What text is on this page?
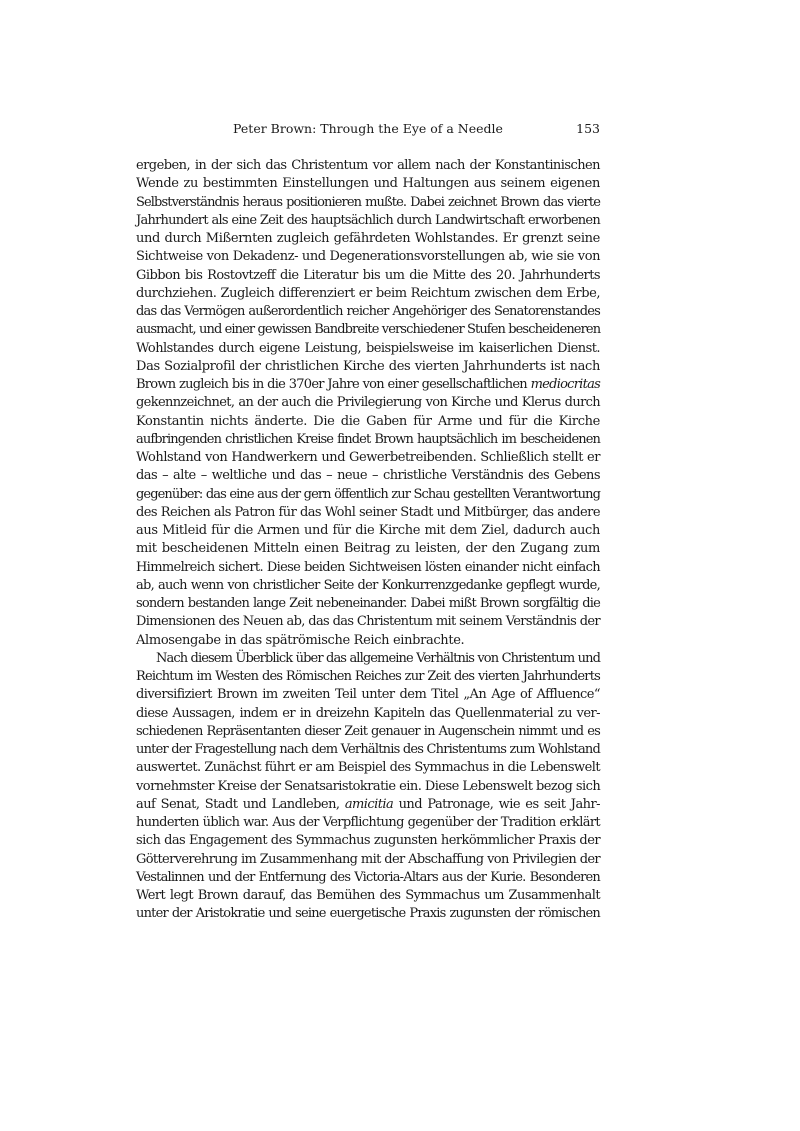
Peter Brown: Through the Eye of a Needle	153
ergeben, in der sich das Christentum vor allem nach der Konstantinischen
Wende zu bestimmten Einstellungen und Haltungen aus seinem eigenen
Selbstverständnis heraus positionieren mußte. Dabei zeichnet Brown das vierte
Jahrhundert als eine Zeit des hauptsächlich durch Landwirtschaft erworbenen
und durch Mißernten zugleich gefährdeten Wohlstandes. Er grenzt seine
Sichtweise von Dekadenz- und Degenerationsvorstellungen ab, wie sie von
Gibbon bis Rostovtzeff die Literatur bis um die Mitte des 20. Jahrhunderts
durchziehen. Zugleich differenziert er beim Reichtum zwischen dem Erbe,
das das Vermögen außerordentlich reicher Angehöriger des Senatorenstandes
ausmacht, und einer gewissen Bandbreite verschiedener Stufen bescheideneren
Wohlstandes durch eigene Leistung, beispielsweise im kaiserlichen Dienst.
Das Sozialprofil der christlichen Kirche des vierten Jahrhunderts ist nach
Brown zugleich bis in die 370er Jahre von einer gesellschaftlichen mediocritas
gekennzeichnet, an der auch die Privilegierung von Kirche und Klerus durch
Konstantin nichts änderte. Die die Gaben für Arme und für die Kirche
aufbringenden christlichen Kreise findet Brown hauptsächlich im bescheidenen
Wohlstand von Handwerkern und Gewerbetreibenden. Schließlich stellt er
das – alte – weltliche und das – neue – christliche Verständnis des Gebens
gegenüber: das eine aus der gern öffentlich zur Schau gestellten Verantwortung
des Reichen als Patron für das Wohl seiner Stadt und Mitbürger, das andere
aus Mitleid für die Armen und für die Kirche mit dem Ziel, dadurch auch
mit bescheidenen Mitteln einen Beitrag zu leisten, der den Zugang zum
Himmelreich sichert. Diese beiden Sichtweisen lösten einander nicht einfach
ab, auch wenn von christlicher Seite der Konkurrenzgedanke gepflegt wurde,
sondern bestanden lange Zeit nebeneinander. Dabei mißt Brown sorgfältig die
Dimensionen des Neuen ab, das das Christentum mit seinem Verständnis der
Almosengabe in das spätrömische Reich einbrachte.
Nach diesem Überblick über das allgemeine Verhältnis von Christentum und
Reichtum im Westen des Römischen Reiches zur Zeit des vierten Jahrhunderts
diversifiziert Brown im zweiten Teil unter dem Titel „An Age of Affluence“
diese Aussagen, indem er in dreizehn Kapiteln das Quellenmaterial zu ver-
schiedenen Repräsentanten dieser Zeit genauer in Augenschein nimmt und es
unter der Fragestellung nach dem Verhältnis des Christentums zum Wohlstand
auswertet. Zunächst führt er am Beispiel des Symmachus in die Lebenswelt
vornehmster Kreise der Senatsaristokratie ein. Diese Lebenswelt bezog sich
auf Senat, Stadt und Landleben, amicitia und Patronage, wie es seit Jahr-
hunderten üblich war. Aus der Verpflichtung gegenüber der Tradition erklärt
sich das Engagement des Symmachus zugunsten herkömmlicher Praxis der
Götterverehrung im Zusammenhang mit der Abschaffung von Privilegien der
Vestalinnen und der Entfernung des Victoria-Altars aus der Kurie. Besonderen
Wert legt Brown darauf, das Bemühen des Symmachus um Zusammenhalt
unter der Aristokratie und seine euergetische Praxis zugunsten der römischen
